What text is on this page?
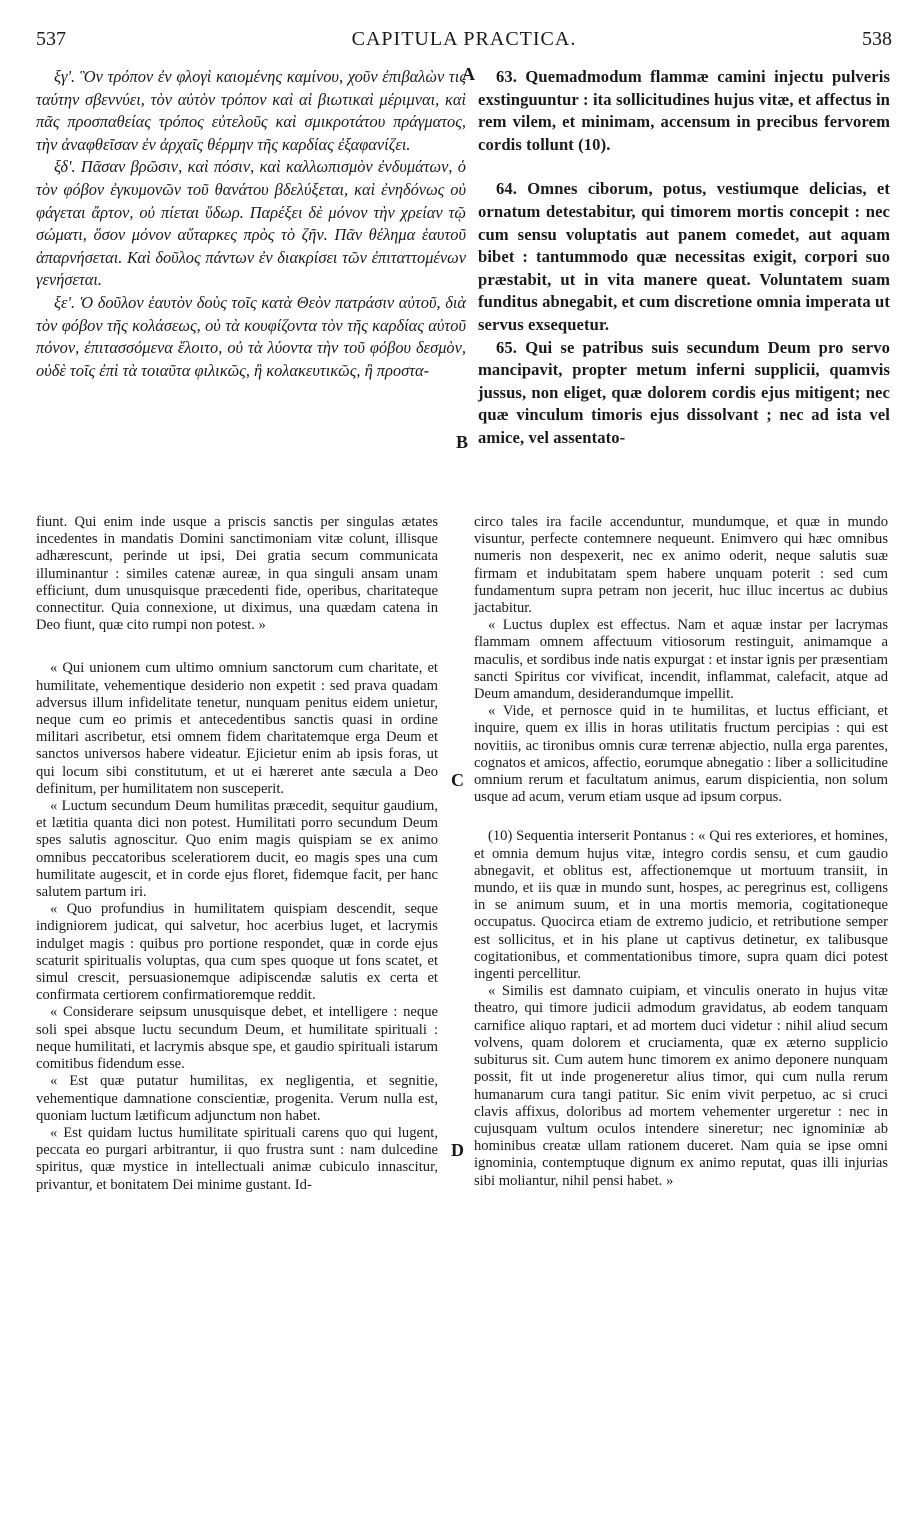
537	CAPITULA PRACTICA.	538

ξγ'. Ὃν τρόπον ἐν φλογὶ καιομένης καμίνου, χοῦν ἐπιβαλὼν τις ταύτην σβεννύει, τὸν αὐτὸν τρόπον καὶ αἱ βιωτικαὶ μέριμναι, καὶ πᾶς προσπαθείας τρόπος εὐτελοῦς καὶ σμικροτάτου πράγματος, τὴν ἀναφθεῖσαν ἐν ἀρχαῖς θέρμην τῆς καρδίας ἐξαφανίζει.

ξδ'. Πᾶσαν βρῶσιν, καὶ πόσιν, καὶ καλλωπισμὸν ἐνδυμάτων, ὁ τὸν φόβον ἐγκυμονῶν τοῦ θανάτου βδελύξεται, καὶ ἐνηδόνως οὐ φάγεται ἄρτον, οὐ πίεται ὕδωρ. Παρέξει δὲ μόνον τὴν χρείαν τῷ σώματι, ὅσον μόνον αὔταρκες πρὸς τὸ ζῆν. Πᾶν θέλημα ἑαυτοῦ ἀπαρνήσεται. Καὶ δοῦλος πάντων ἐν διακρίσει τῶν ἐπιταττομένων γενήσεται.

ξε'. Ὁ δοῦλον ἑαυτὸν δοὺς τοῖς κατὰ Θεὸν πατράσιν αὐτοῦ, διὰ τὸν φόβον τῆς κολάσεως, οὐ τὰ κουφίζοντα τὸν τῆς καρδίας αὐτοῦ πόνον, ἐπιτασσόμενα ἕλοιτο, οὐ τὰ λύοντα τὴν τοῦ φόβου δεσμὸν, οὐδὲ τοῖς ἐπὶ τὰ τοιαῦτα φιλικῶς, ἢ κολακευτικῶς, ἢ προστα-

63. Quemadmodum flammæ camini injectu pulveris exstinguuntur : ita sollicitudines hujus vitæ, et affectus in rem vilem, et minimam, accensum in precibus fervorem cordis tollunt (10).

64. Omnes ciborum, potus, vestiumque delicias, et ornatum detestabitur, qui timorem mortis concepit : nec cum sensu voluptatis aut panem comedet, aut aquam bibet : tantummodo quæ necessitas exigit, corpori suo præstabit, ut in vita manere queat. Voluntatem suam funditus abnegabit, et cum discretione omnia imperata ut servus exsequetur.

65. Qui se patribus suis secundum Deum pro servo mancipavit, propter metum inferni supplicii, quamvis jussus, non eliget, quæ dolorem cordis ejus mitigent; nec quæ vinculum timoris ejus dissolvant ; nec ad ista vel amice, vel assentato-

A
B
C
D

fiunt. Qui enim inde usque a priscis sanctis per singulas ætates incedentes in mandatis Domini sanctimoniam vitæ colunt, illisque adhærescunt, perinde ut ipsi, Dei gratia secum communicata illuminantur : similes catenæ aureæ, in qua singuli ansam unam efficiunt, dum unusquisque præcedenti fide, operibus, charitateque connectitur. Quia connexione, ut diximus, una quædam catena in Deo fiunt, quæ cito rumpi non potest. »

« Qui unionem cum ultimo omnium sanctorum cum charitate, et humilitate, vehementique desiderio non expetit : sed prava quadam adversus illum infidelitate tenetur, nunquam penitus eidem unietur, neque cum eo primis et antecedentibus sanctis quasi in ordine militari ascribetur, etsi omnem fidem charitatemque erga Deum et sanctos universos habere videatur. Ejicietur enim ab ipsis foras, ut qui locum sibi constitutum, et ut ei hæreret ante sæcula a Deo definitum, per humilitatem non susceperit.

« Luctum secundum Deum humilitas præcedit, sequitur gaudium, et lætitia quanta dici non potest. Humilitati porro secundum Deum spes salutis agnoscitur. Quo enim magis quispiam se ex animo omnibus peccatoribus sceleratiorem ducit, eo magis spes una cum humilitate augescit, et in corde ejus floret, fidemque facit, per hanc salutem partum iri.

« Quo profundius in humilitatem quispiam descendit, seque indigniorem judicat, qui salvetur, hoc acerbius luget, et lacrymis indulget magis : quibus pro portione respondet, quæ in corde ejus scaturit spiritualis voluptas, qua cum spes quoque ut fons scatet, et simul crescit, persuasionemque adipiscendæ salutis ex certa et confirmata certiorem confirmatioremque reddit.

« Considerare seipsum unusquisque debet, et intelligere : neque soli spei absque luctu secundum Deum, et humilitate spirituali : neque humilitati, et lacrymis absque spe, et gaudio spirituali istarum comitibus fidendum esse.

« Est quæ putatur humilitas, ex negligentia, et segnitie, vehementique damnatione conscientiæ, progenita. Verum nulla est, quoniam luctum lætificum adjunctum non habet.

« Est quidam luctus humilitate spirituali carens quo qui lugent, peccata eo purgari arbitrantur, ii quo frustra sunt : nam dulcedine spiritus, quæ mystice in intellectuali animæ cubiculo innascitur, privantur, et bonitatem Dei minime gustant. Id-

circo tales ira facile accenduntur, mundumque, et quæ in mundo visuntur, perfecte contemnere nequeunt. Enimvero qui hæc omnibus numeris non despexerit, nec ex animo oderit, neque salutis suæ firmam et indubitatam spem habere unquam poterit : sed cum fundamentum supra petram non jecerit, huc illuc incertus ac dubius jactabitur.

« Luctus duplex est effectus. Nam et aquæ instar per lacrymas flammam omnem affectuum vitiosorum restinguit, animamque a maculis, et sordibus inde natis expurgat : et instar ignis per præsentiam sancti Spiritus cor vivificat, incendit, inflammat, calefacit, atque ad Deum amandum, desiderandumque impellit.

« Vide, et pernosce quid in te humilitas, et luctus efficiant, et inquire, quem ex illis in horas utilitatis fructum percipias : qui est novitiis, ac tironibus omnis curæ terrenæ abjectio, nulla erga parentes, cognatos et amicos, affectio, eorumque abnegatio : liber a sollicitudine omnium rerum et facultatum animus, earum dispicientia, non solum usque ad acum, verum etiam usque ad ipsum corpus.

(10) Sequentia interserit Pontanus : « Qui res exteriores, et homines, et omnia demum hujus vitæ, integro cordis sensu, et cum gaudio abnegavit, et oblitus est, affectionemque ut mortuum transiit, in mundo, et iis quæ in mundo sunt, hospes, ac peregrinus est, colligens in se animum suum, et in una mortis memoria, cogitationeque occupatus. Quocirca etiam de extremo judicio, et retributione semper est sollicitus, et in his plane ut captivus detinetur, ex talibusque cogitationibus, et commentationibus timore, supra quam dici potest ingenti percellitur.

« Similis est damnato cuipiam, et vinculis onerato in hujus vitæ theatro, qui timore judicii admodum gravidatus, ab eodem tanquam carnifice aliquo raptari, et ad mortem duci videtur : nihil aliud secum volvens, quam dolorem et cruciamenta, quæ ex æterno supplicio subiturus sit. Cum autem hunc timorem ex animo deponere nunquam possit, fit ut inde progeneretur alius timor, qui cum nulla rerum humanarum cura tangi patitur. Sic enim vivit perpetuo, ac si cruci clavis affixus, doloribus ad mortem vehementer urgeretur : nec in cujusquam vultum oculos intendere sineretur; nec ignominiæ ab hominibus creatæ ullam rationem duceret. Nam quia se ipse omni ignominia, contemptuque dignum ex animo reputat, quas illi injurias sibi moliantur, nihil pensi habet. »
